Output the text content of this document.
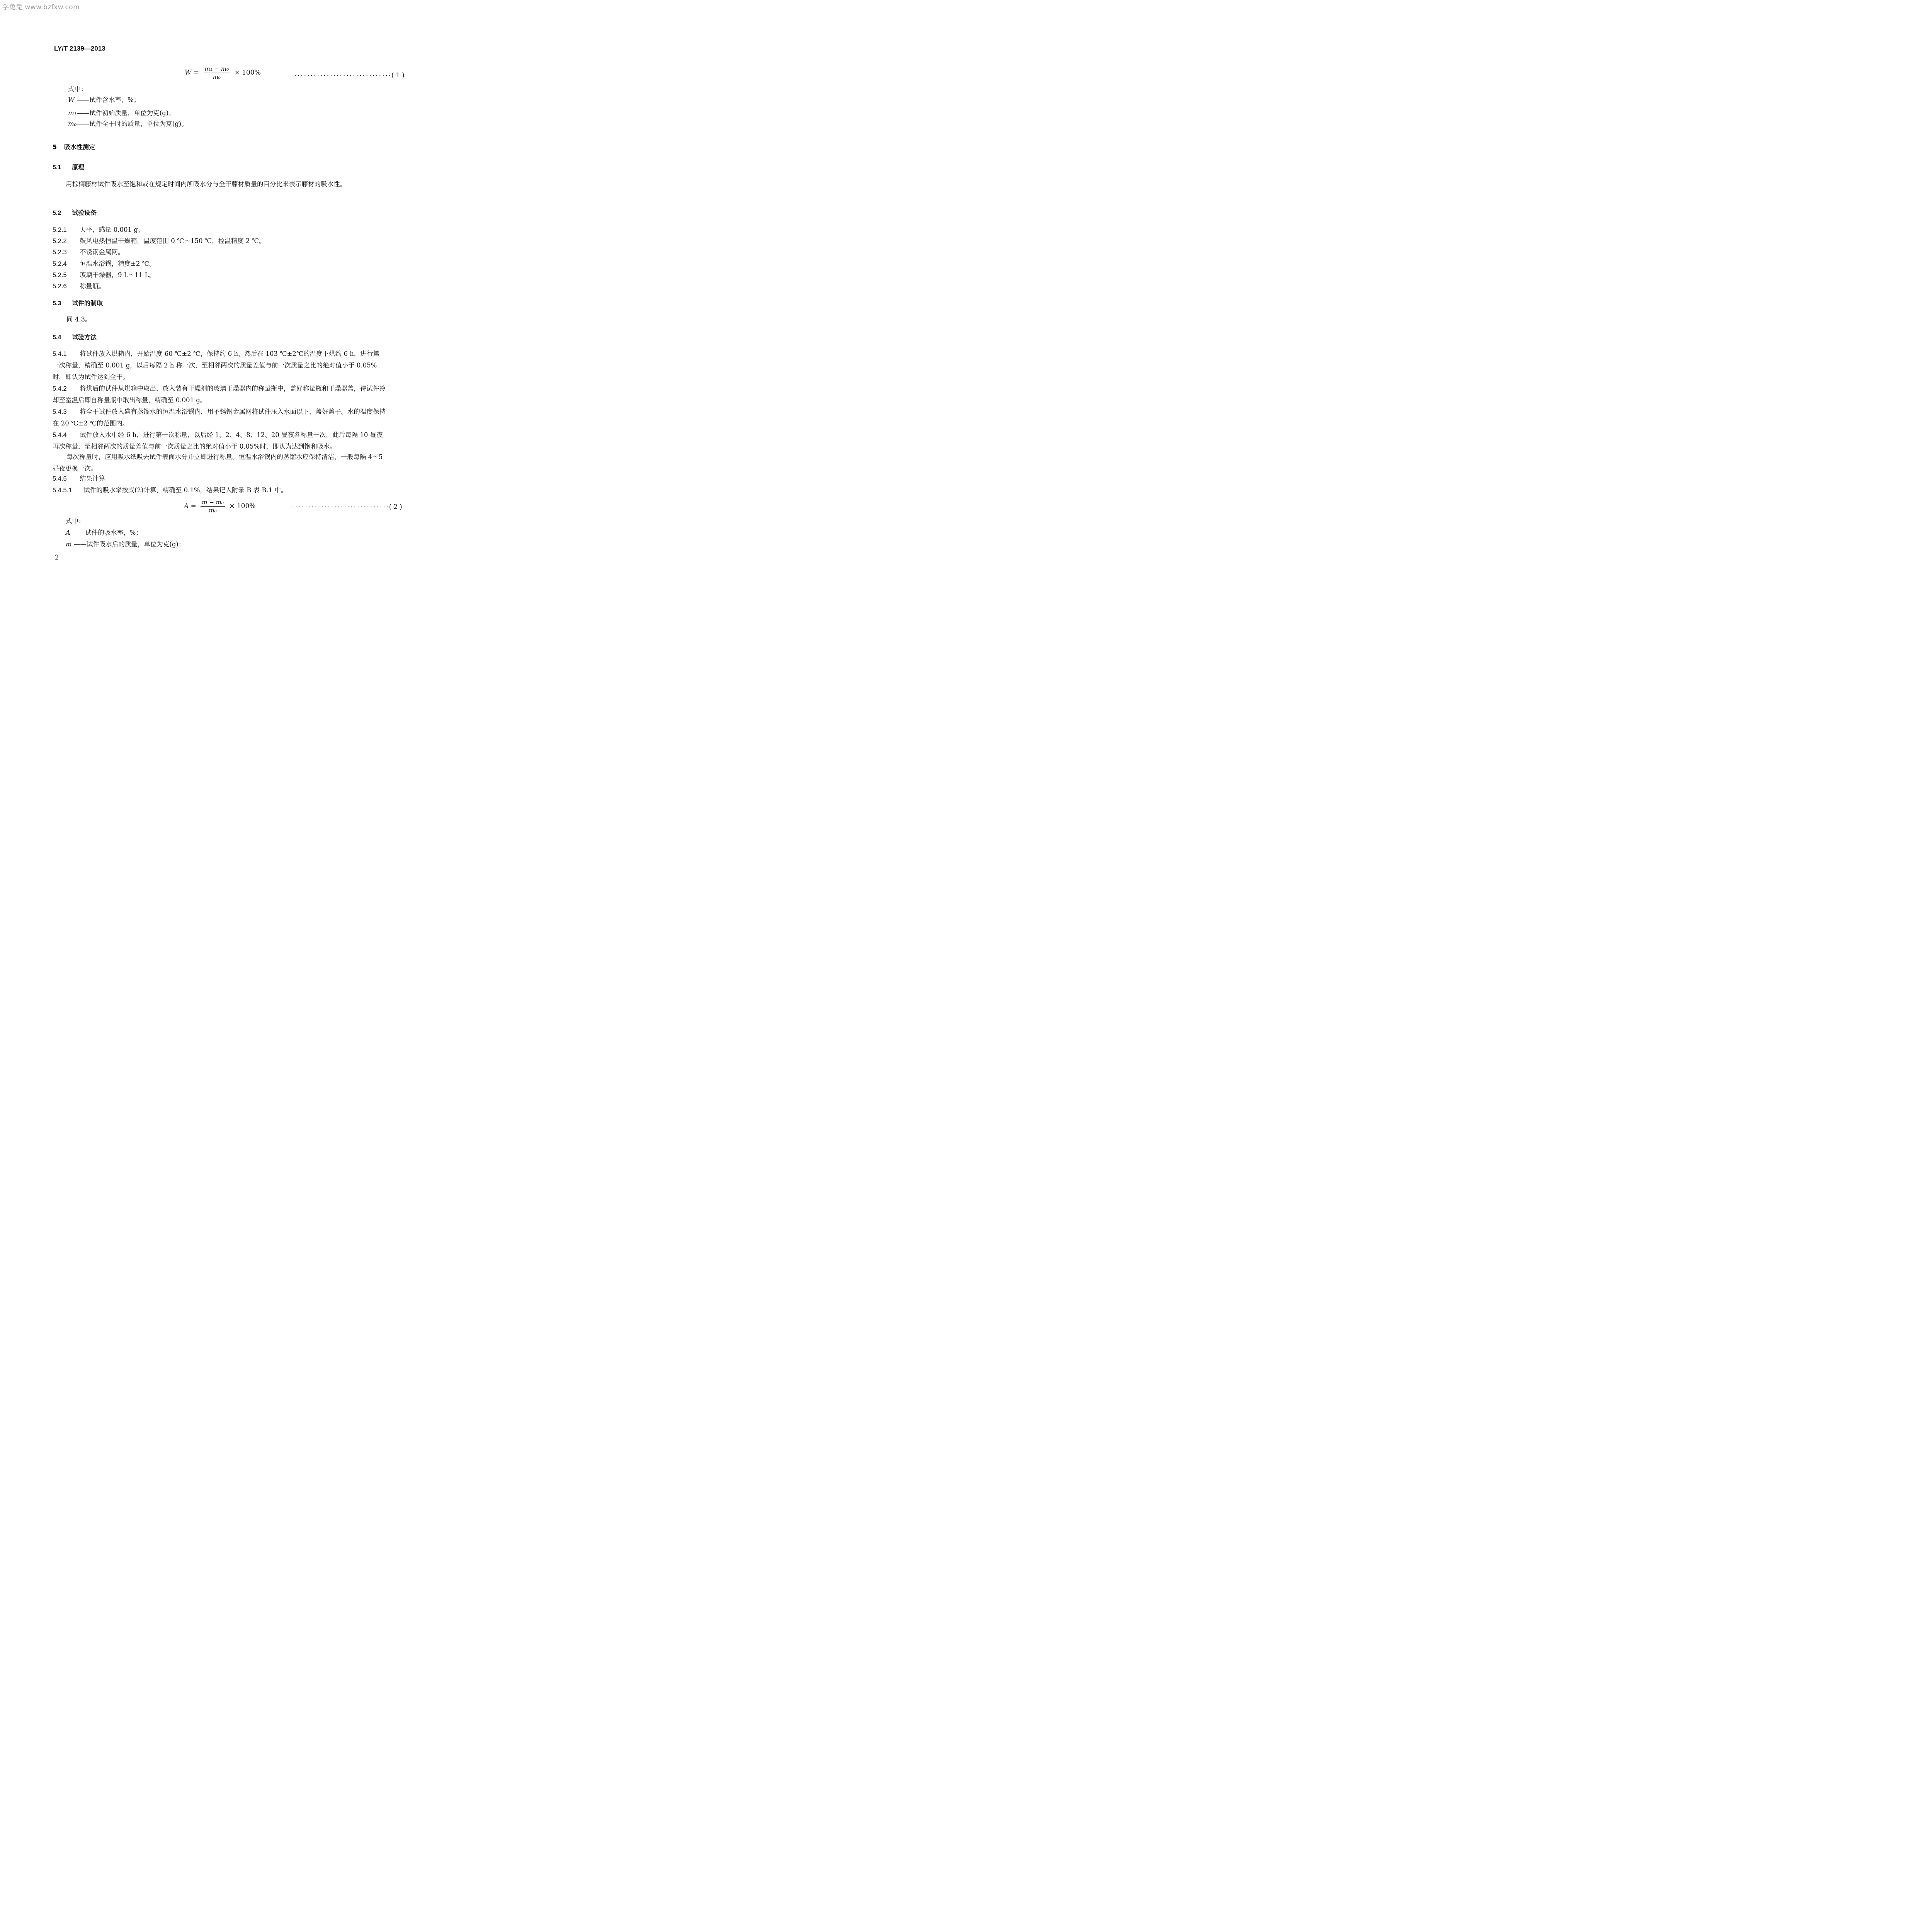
学兔兔 www.bzfxw.com
LY/T 2139—2013
$W = \frac{\text{m₁ − m₀}}{\text{m₀}} \times 100\%$	······························( 1 )
式中：
W ——试件含水率，%；
m₁——试件初始质量，单位为克(g)；
m₀——试件全干时的质量，单位为克(g)。
5 吸水性测定
5.1 原理
用棕榈藤材试件吸水至饱和或在规定时间内所吸水分与全干藤材质量的百分比来表示藤材的吸水性。
5.2 试验设备
5.2.1 天平，感量 0.001 g。
5.2.2 鼓风电热恒温干燥箱，温度范围 0 ℃～150 ℃，控温精度 2 ℃。
5.2.3 不锈钢金属网。
5.2.4 恒温水浴锅，精度±2 ℃。
5.2.5 玻璃干燥器，9 L～11 L。
5.2.6 称量瓶。
5.3 试件的制取
同 4.3。
5.4 试验方法
5.4.1 将试件放入烘箱内，开始温度 60 ℃±2 ℃，保持约 6 h，然后在 103 ℃±2℃的温度下烘约 6 h，进行第一次称量，精确至 0.001 g，以后每隔 2 h 称一次，至相邻两次的质量差值与前一次质量之比的绝对值小于 0.05%时，即认为试件达到全干。
5.4.2 将烘后的试件从烘箱中取出，放入装有干燥剂的玻璃干燥器内的称量瓶中，盖好称量瓶和干燥器盖，待试件冷却至室温后即自称量瓶中取出称量，精确至 0.001 g。
5.4.3 将全干试件放入盛有蒸馏水的恒温水浴锅内，用不锈钢金属网将试件压入水面以下，盖好盖子。水的温度保持在 20 ℃±2 ℃的范围内。
5.4.4 试件放入水中经 6 h，进行第一次称量，以后经 1、2、4、8、12、20 昼夜各称量一次，此后每隔 10 昼夜再次称量，至相邻两次的质量差值与前一次质量之比的绝对值小于 0.05%时，即认为达到饱和吸水。
每次称量时，应用吸水纸吸去试件表面水分并立即进行称量。恒温水浴锅内的蒸馏水应保持清洁，一般每隔 4～5 昼夜更换一次。
5.4.5 结果计算
5.4.5.1 试件的吸水率按式(2)计算，精确至 0.1%，结果记入附录 B 表 B.1 中。
$A = \frac{\text{m − m₀}}{\text{m₀}} \times 100\%$	······························( 2 )
式中：
A ——试件的吸水率，%；
m ——试件吸水后的质量，单位为克(g)；
2
